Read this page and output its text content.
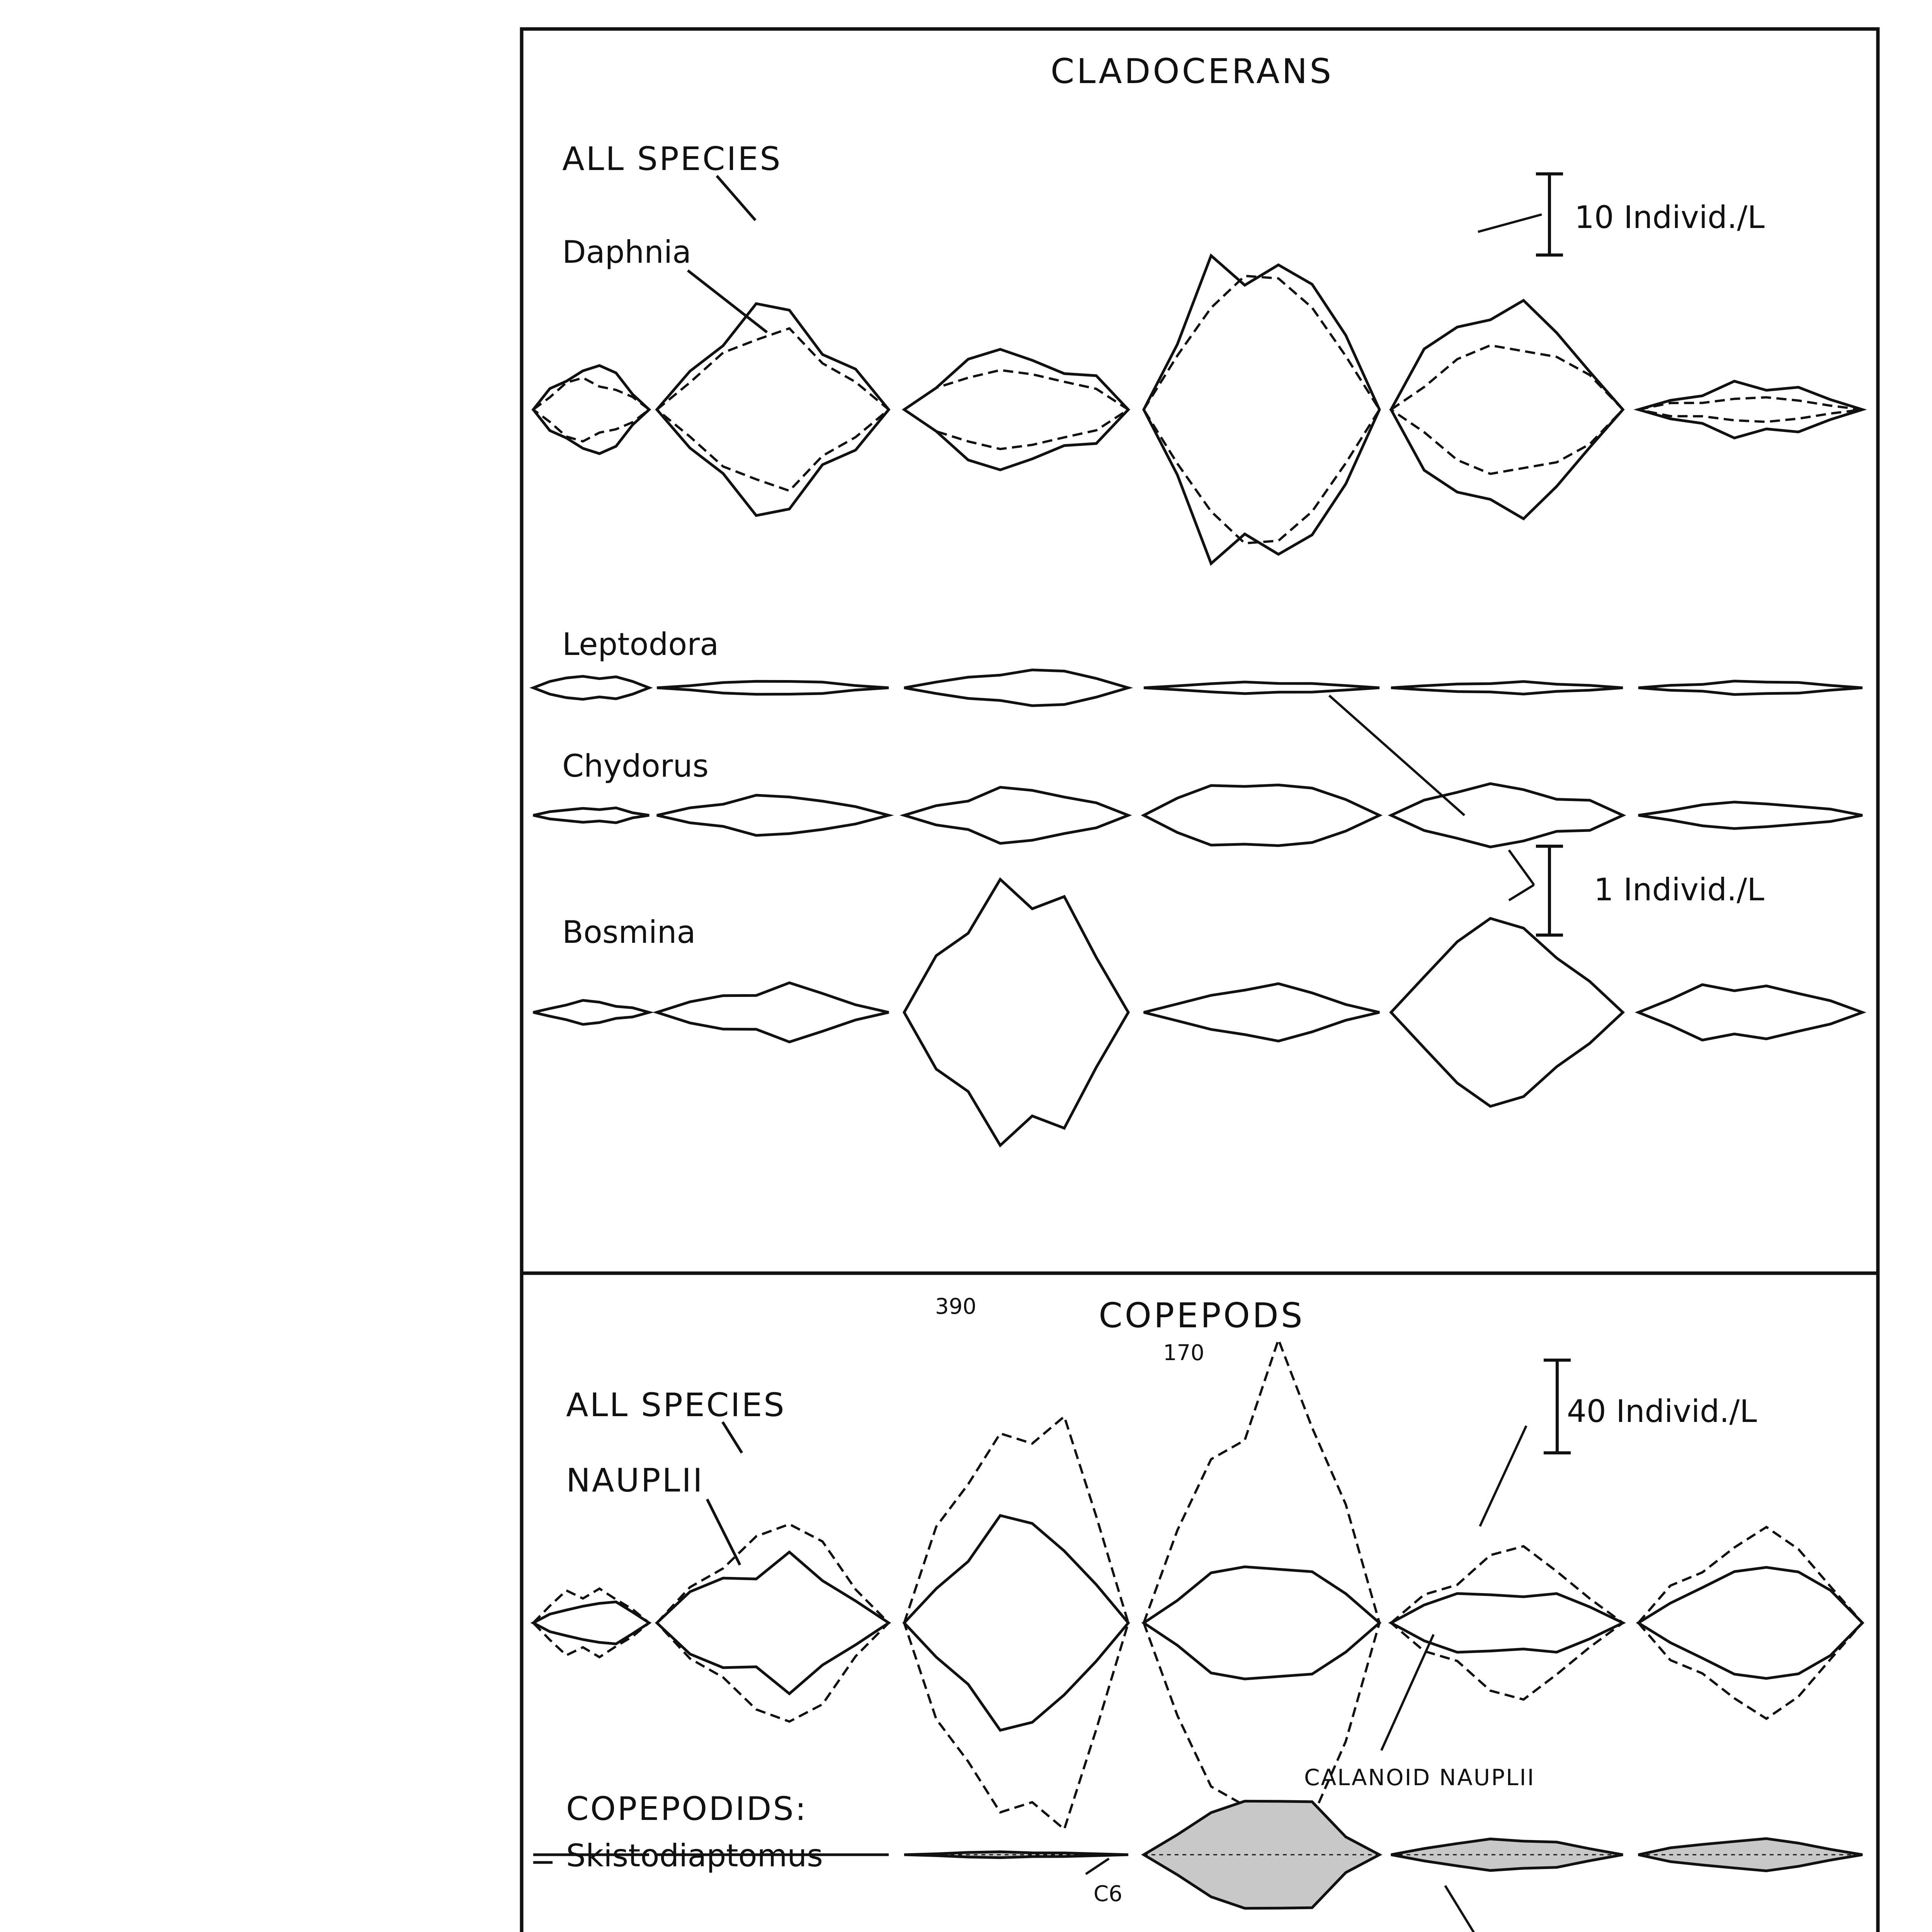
CLADOCERANS
COPEPODS
ALL SPECIES
Daphnia
Leptodora
Chydorus
Bosmina
ALL SPECIES
NAUPLII
COPEPODIDS:
Skistodiaptomus
10 Individ./L
1 Individ./L
40 Individ./L
390
170
C6
CALANOID NAUPLII
